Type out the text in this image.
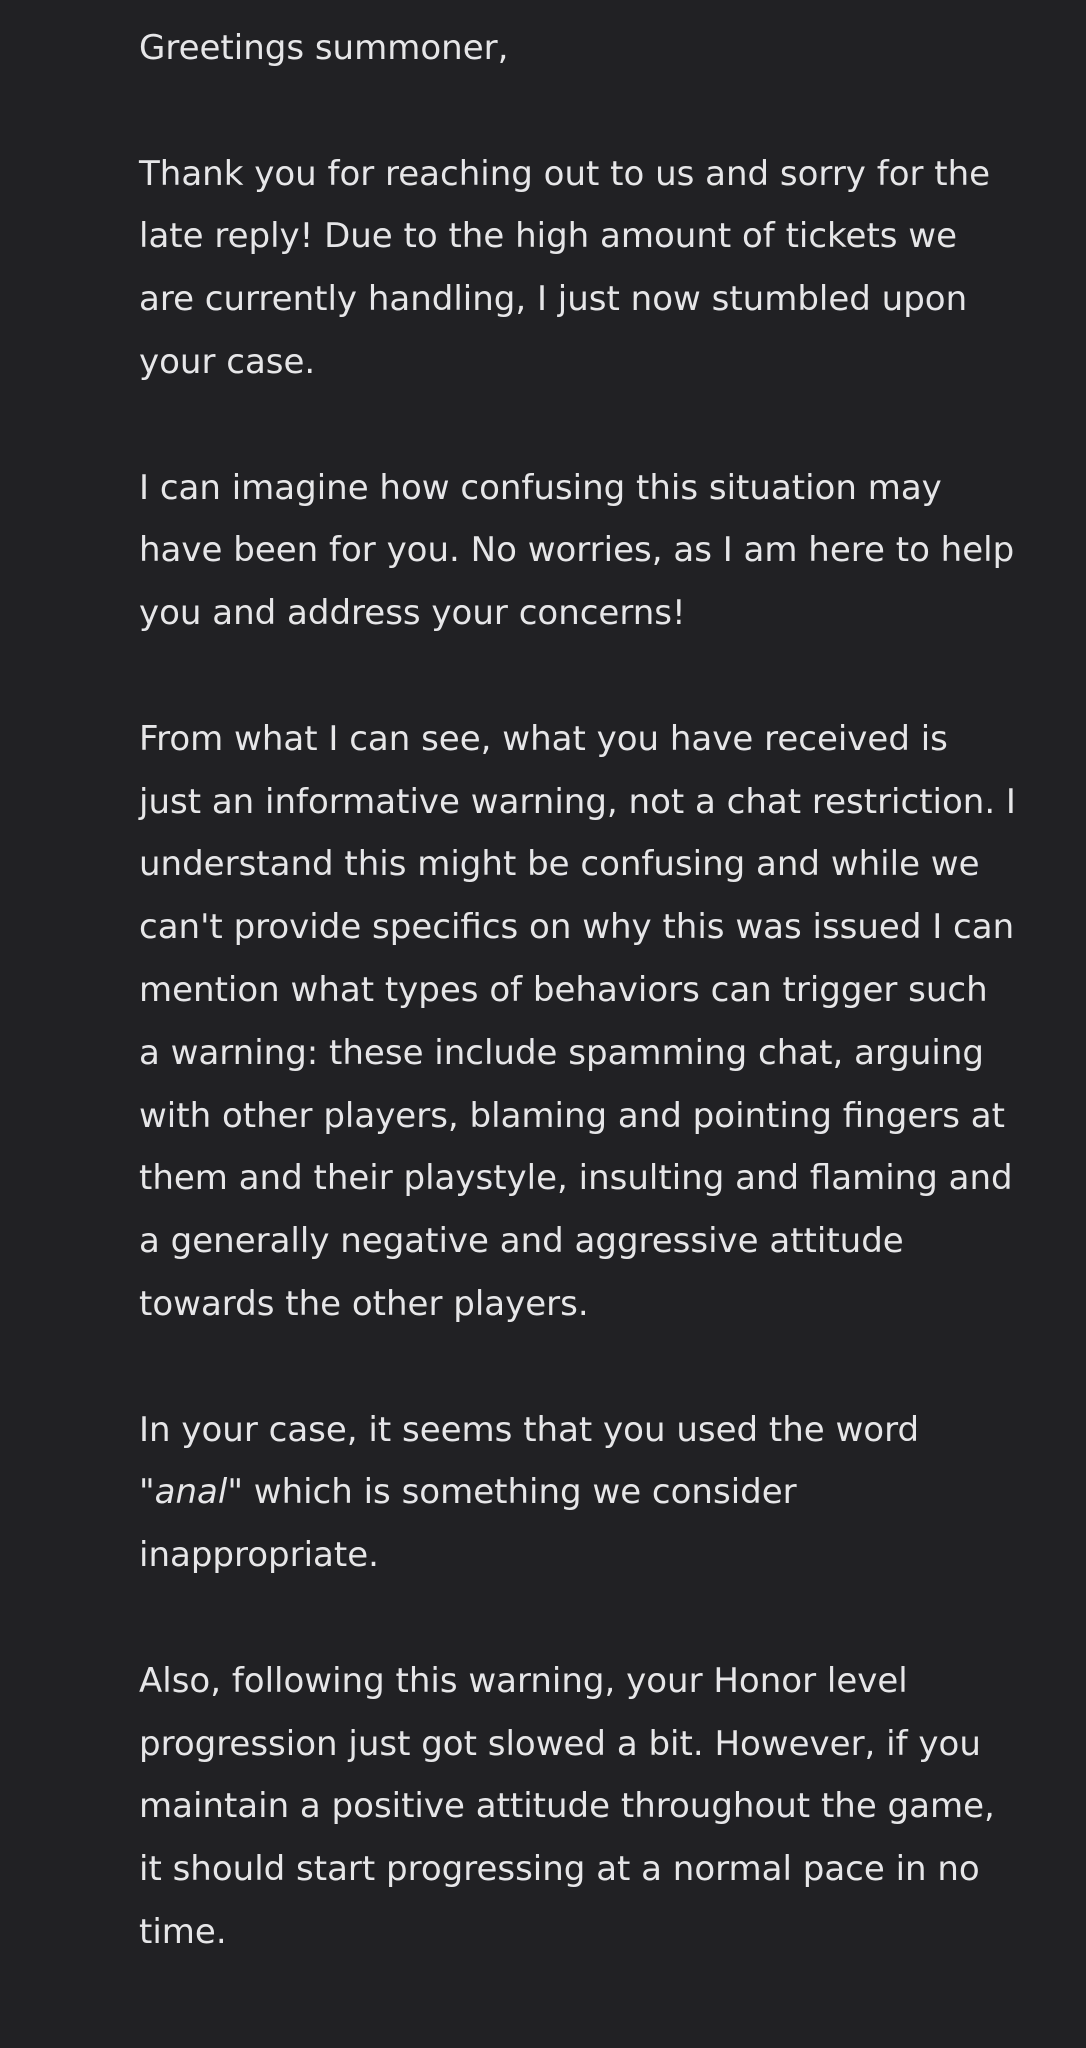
Greetings summoner,

Thank you for reaching out to us and sorry for the late reply! Due to the high amount of tickets we are currently handling, I just now stumbled upon your case.

I can imagine how confusing this situation may have been for you. No worries, as I am here to help you and address your concerns!

From what I can see, what you have received is just an informative warning, not a chat restriction. I understand this might be confusing and while we can't provide specifics on why this was issued I can mention what types of behaviors can trigger such a warning: these include spamming chat, arguing with other players, blaming and pointing fingers at them and their playstyle, insulting and flaming and a generally negative and aggressive attitude towards the other players.

In your case, it seems that you used the word "anal" which is something we consider inappropriate.

Also, following this warning, your Honor level progression just got slowed a bit. However, if you maintain a positive attitude throughout the game, it should start progressing at a normal pace in no time.
